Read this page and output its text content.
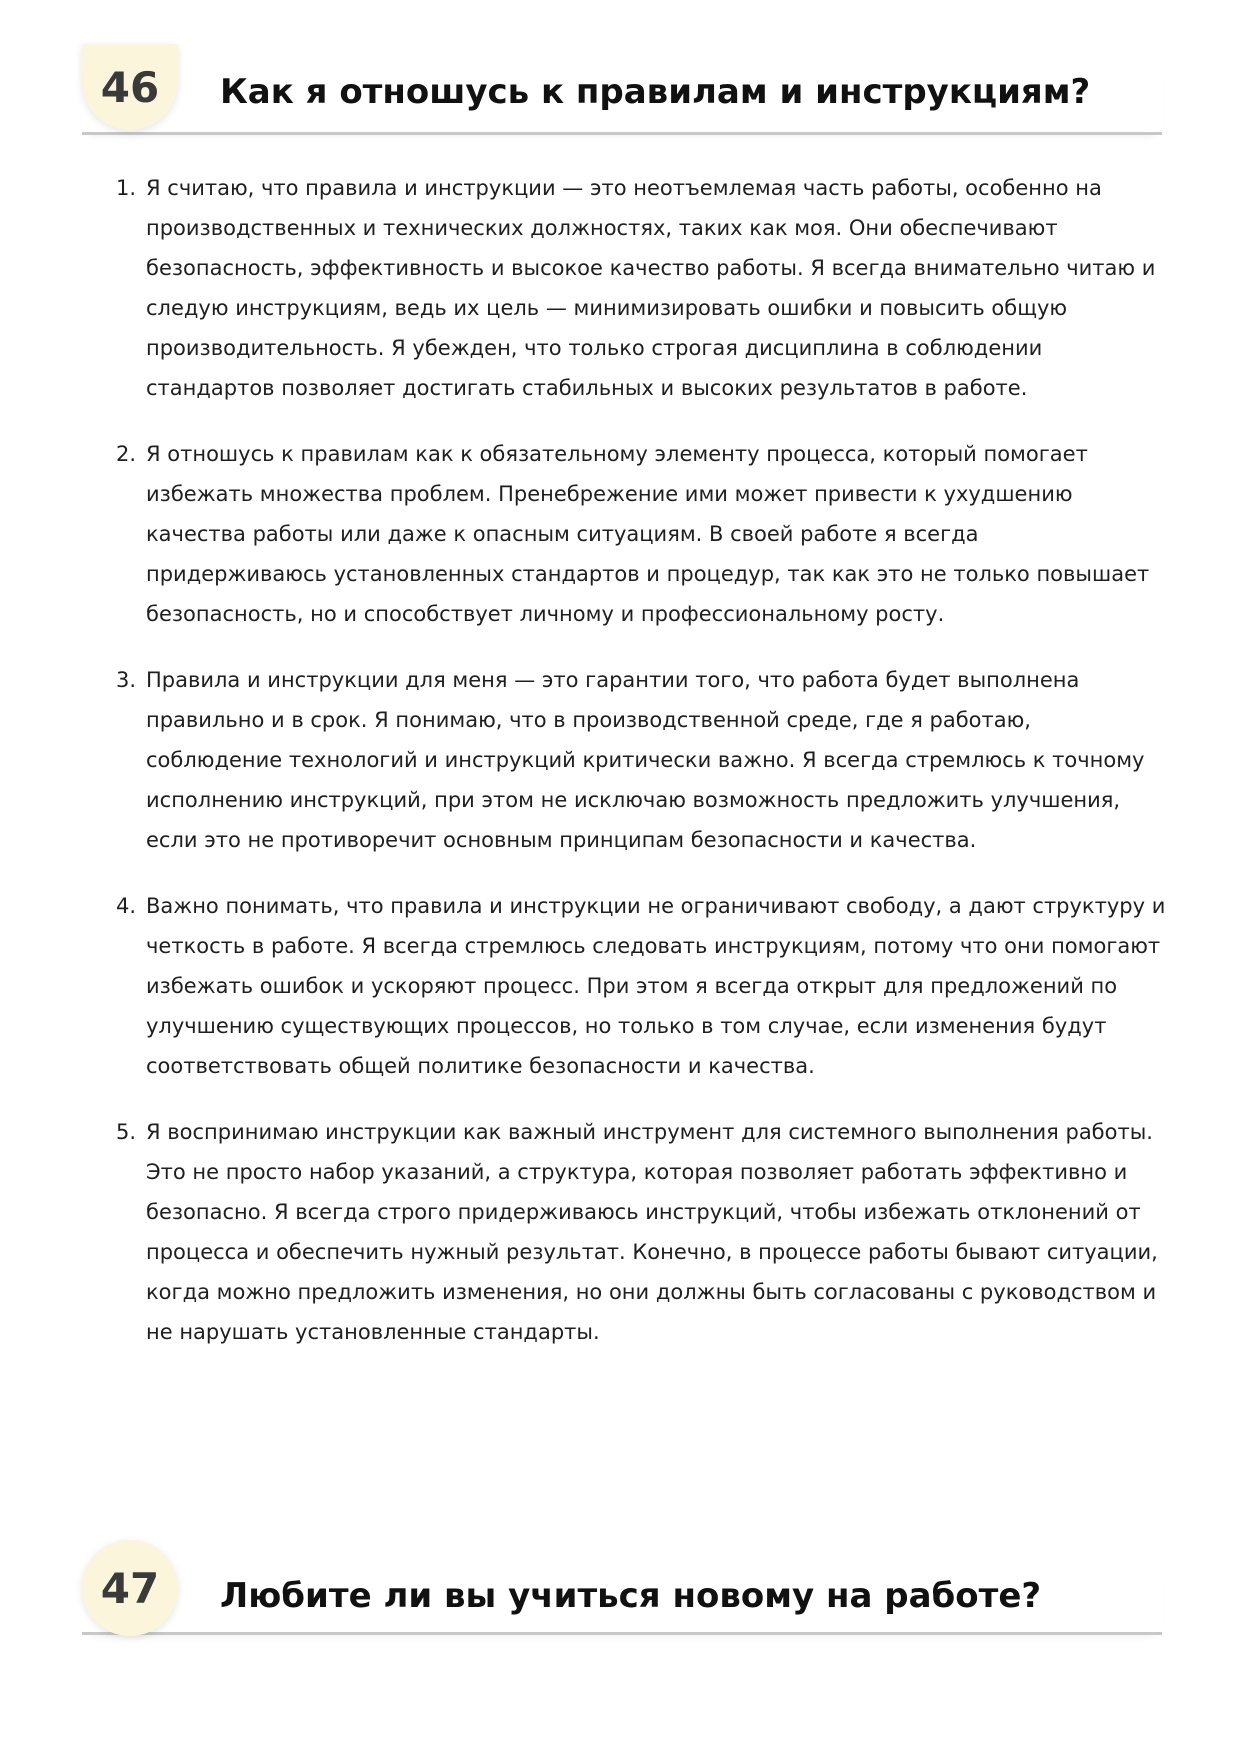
46	Как я отношусь к правилам и инструкциям?
1. Я считаю, что правила и инструкции — это неотъемлемая часть работы, особенно на производственных и технических должностях, таких как моя. Они обеспечивают безопасность, эффективность и высокое качество работы. Я всегда внимательно читаю и следую инструкциям, ведь их цель — минимизировать ошибки и повысить общую производительность. Я убежден, что только строгая дисциплина в соблюдении стандартов позволяет достигать стабильных и высоких результатов в работе.
2. Я отношусь к правилам как к обязательному элементу процесса, который помогает избежать множества проблем. Пренебрежение ими может привести к ухудшению качества работы или даже к опасным ситуациям. В своей работе я всегда придерживаюсь установленных стандартов и процедур, так как это не только повышает безопасность, но и способствует личному и профессиональному росту.
3. Правила и инструкции для меня — это гарантии того, что работа будет выполнена правильно и в срок. Я понимаю, что в производственной среде, где я работаю, соблюдение технологий и инструкций критически важно. Я всегда стремлюсь к точному исполнению инструкций, при этом не исключаю возможность предложить улучшения, если это не противоречит основным принципам безопасности и качества.
4. Важно понимать, что правила и инструкции не ограничивают свободу, а дают структуру и четкость в работе. Я всегда стремлюсь следовать инструкциям, потому что они помогают избежать ошибок и ускоряют процесс. При этом я всегда открыт для предложений по улучшению существующих процессов, но только в том случае, если изменения будут соответствовать общей политике безопасности и качества.
5. Я воспринимаю инструкции как важный инструмент для системного выполнения работы. Это не просто набор указаний, а структура, которая позволяет работать эффективно и безопасно. Я всегда строго придерживаюсь инструкций, чтобы избежать отклонений от процесса и обеспечить нужный результат. Конечно, в процессе работы бывают ситуации, когда можно предложить изменения, но они должны быть согласованы с руководством и не нарушать установленные стандарты.
47	Любите ли вы учиться новому на работе?
